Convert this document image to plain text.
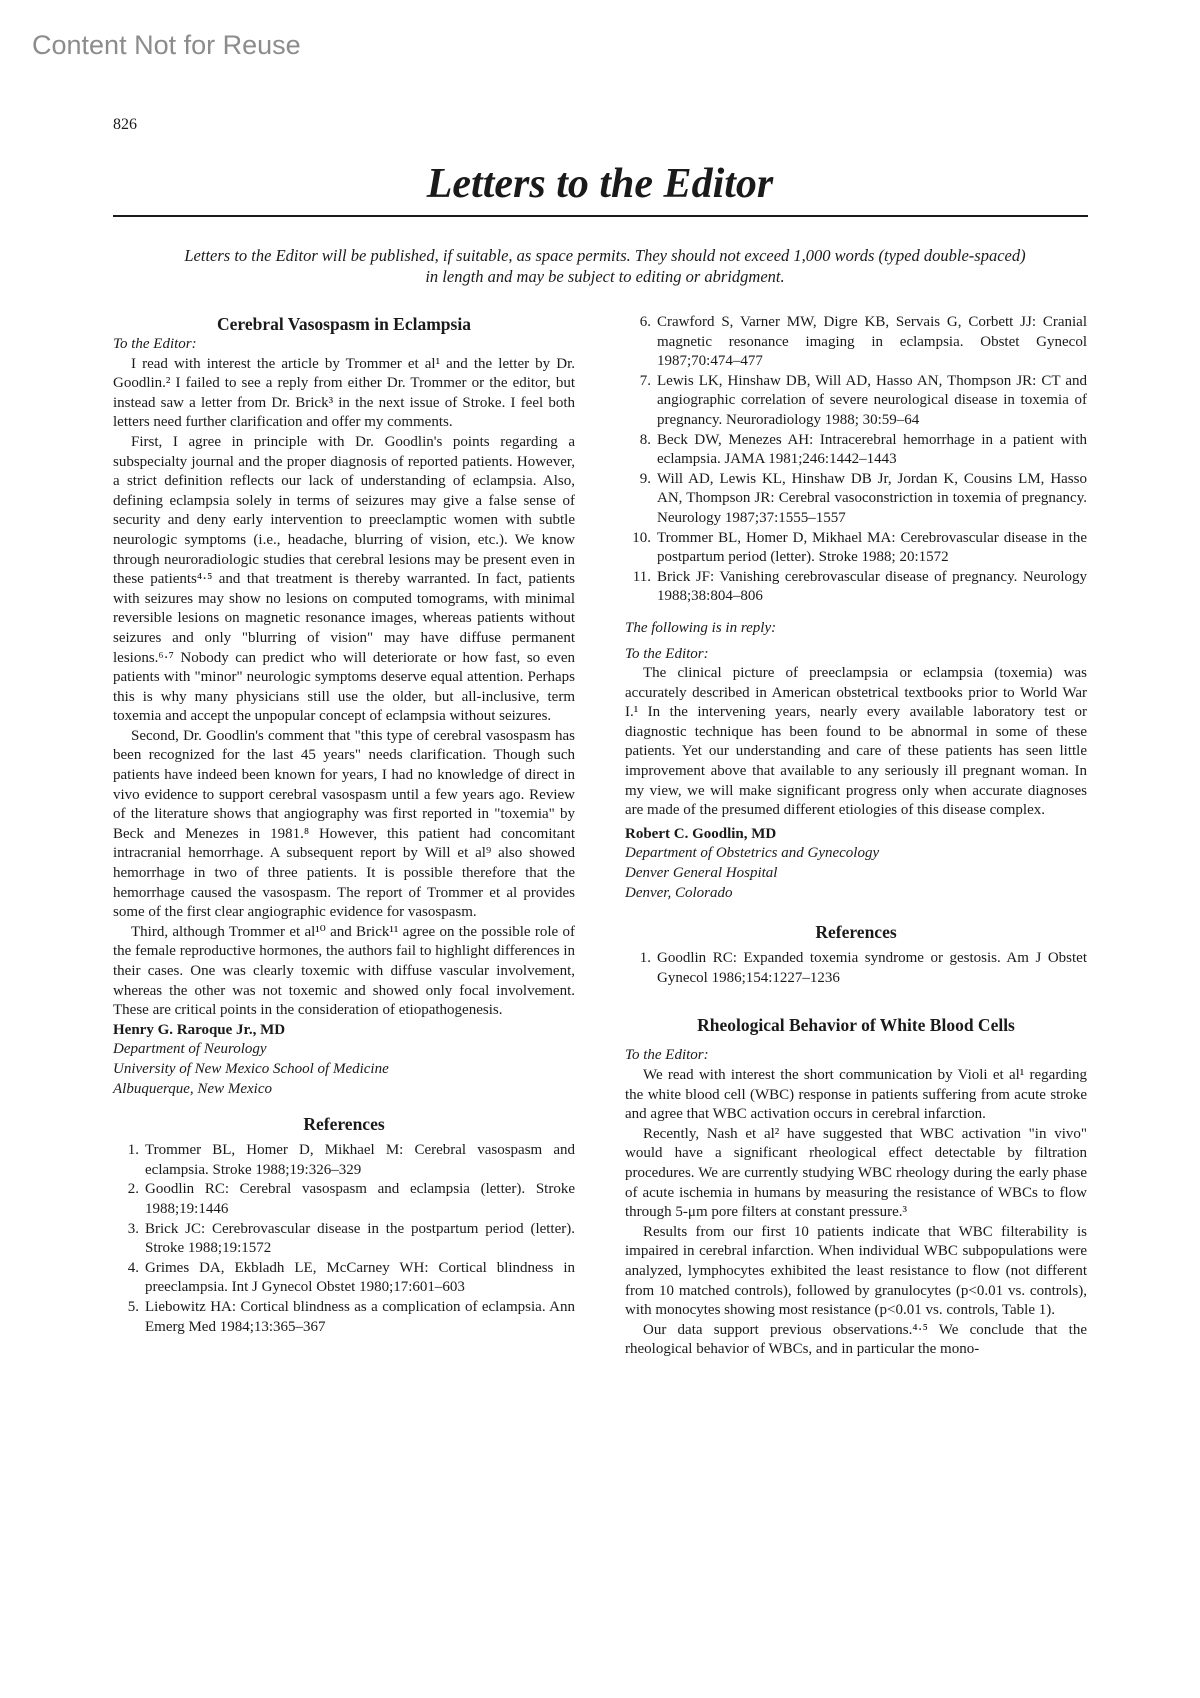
Content Not for Reuse
826
Letters to the Editor
Letters to the Editor will be published, if suitable, as space permits. They should not exceed 1,000 words (typed double-spaced) in length and may be subject to editing or abridgment.
Cerebral Vasospasm in Eclampsia

To the Editor:

I read with interest the article by Trommer et al¹ and the letter by Dr. Goodlin.² I failed to see a reply from either Dr. Trommer or the editor, but instead saw a letter from Dr. Brick³ in the next issue of Stroke. I feel both letters need further clarification and offer my comments.

First, I agree in principle with Dr. Goodlin's points regarding a subspecialty journal and the proper diagnosis of reported patients. However, a strict definition reflects our lack of understanding of eclampsia. Also, defining eclampsia solely in terms of seizures may give a false sense of security and deny early intervention to preeclamptic women with subtle neurologic symptoms (i.e., headache, blurring of vision, etc.). We know through neuroradiologic studies that cerebral lesions may be present even in these patients⁴·⁵ and that treatment is thereby warranted. In fact, patients with seizures may show no lesions on computed tomograms, with minimal reversible lesions on magnetic resonance images, whereas patients without seizures and only "blurring of vision" may have diffuse permanent lesions.⁶·⁷ Nobody can predict who will deteriorate or how fast, so even patients with "minor" neurologic symptoms deserve equal attention. Perhaps this is why many physicians still use the older, but all-inclusive, term toxemia and accept the unpopular concept of eclampsia without seizures.

Second, Dr. Goodlin's comment that "this type of cerebral vasospasm has been recognized for the last 45 years" needs clarification. Though such patients have indeed been known for years, I had no knowledge of direct in vivo evidence to support cerebral vasospasm until a few years ago. Review of the literature shows that angiography was first reported in "toxemia" by Beck and Menezes in 1981.⁸ However, this patient had concomitant intracranial hemorrhage. A subsequent report by Will et al⁹ also showed hemorrhage in two of three patients. It is possible therefore that the hemorrhage caused the vasospasm. The report of Trommer et al provides some of the first clear angiographic evidence for vasospasm.

Third, although Trommer et al¹⁰ and Brick¹¹ agree on the possible role of the female reproductive hormones, the authors fail to highlight differences in their cases. One was clearly toxemic with diffuse vascular involvement, whereas the other was not toxemic and showed only focal involvement. These are critical points in the consideration of etiopathogenesis.

Henry G. Raroque Jr., MD

Department of Neurology

University of New Mexico School of Medicine

Albuquerque, New Mexico

References
1. Trommer BL, Homer D, Mikhael M: Cerebral vasospasm and eclampsia. Stroke 1988;19:326–329
2. Goodlin RC: Cerebral vasospasm and eclampsia (letter). Stroke 1988;19:1446
3. Brick JC: Cerebrovascular disease in the postpartum period (letter). Stroke 1988;19:1572
4. Grimes DA, Ekbladh LE, McCarney WH: Cortical blindness in preeclampsia. Int J Gynecol Obstet 1980;17:601–603
5. Liebowitz HA: Cortical blindness as a complication of eclampsia. Ann Emerg Med 1984;13:365–367
6. Crawford S, Varner MW, Digre KB, Servais G, Corbett JJ: Cranial magnetic resonance imaging in eclampsia. Obstet Gynecol 1987;70:474–477
7. Lewis LK, Hinshaw DB, Will AD, Hasso AN, Thompson JR: CT and angiographic correlation of severe neurological disease in toxemia of pregnancy. Neuroradiology 1988; 30:59–64
8. Beck DW, Menezes AH: Intracerebral hemorrhage in a patient with eclampsia. JAMA 1981;246:1442–1443
9. Will AD, Lewis KL, Hinshaw DB Jr, Jordan K, Cousins LM, Hasso AN, Thompson JR: Cerebral vasoconstriction in toxemia of pregnancy. Neurology 1987;37:1555–1557
10. Trommer BL, Homer D, Mikhael MA: Cerebrovascular disease in the postpartum period (letter). Stroke 1988; 20:1572
11. Brick JF: Vanishing cerebrovascular disease of pregnancy. Neurology 1988;38:804–806

The following is in reply:

To the Editor:

The clinical picture of preeclampsia or eclampsia (toxemia) was accurately described in American obstetrical textbooks prior to World War I.¹ In the intervening years, nearly every available laboratory test or diagnostic technique has been found to be abnormal in some of these patients. Yet our understanding and care of these patients has seen little improvement above that available to any seriously ill pregnant woman. In my view, we will make significant progress only when accurate diagnoses are made of the presumed different etiologies of this disease complex.

Robert C. Goodlin, MD

Department of Obstetrics and Gynecology

Denver General Hospital

Denver, Colorado

References
1. Goodlin RC: Expanded toxemia syndrome or gestosis. Am J Obstet Gynecol 1986;154:1227–1236
Rheological Behavior of White Blood Cells

To the Editor:

We read with interest the short communication by Violi et al¹ regarding the white blood cell (WBC) response in patients suffering from acute stroke and agree that WBC activation occurs in cerebral infarction.

Recently, Nash et al² have suggested that WBC activation "in vivo" would have a significant rheological effect detectable by filtration procedures. We are currently studying WBC rheology during the early phase of acute ischemia in humans by measuring the resistance of WBCs to flow through 5-μm pore filters at constant pressure.³

Results from our first 10 patients indicate that WBC filterability is impaired in cerebral infarction. When individual WBC subpopulations were analyzed, lymphocytes exhibited the least resistance to flow (not different from 10 matched controls), followed by granulocytes (p<0.01 vs. controls), with monocytes showing most resistance (p<0.01 vs. controls, Table 1).

Our data support previous observations.⁴·⁵ We conclude that the rheological behavior of WBCs, and in particular the mono-
